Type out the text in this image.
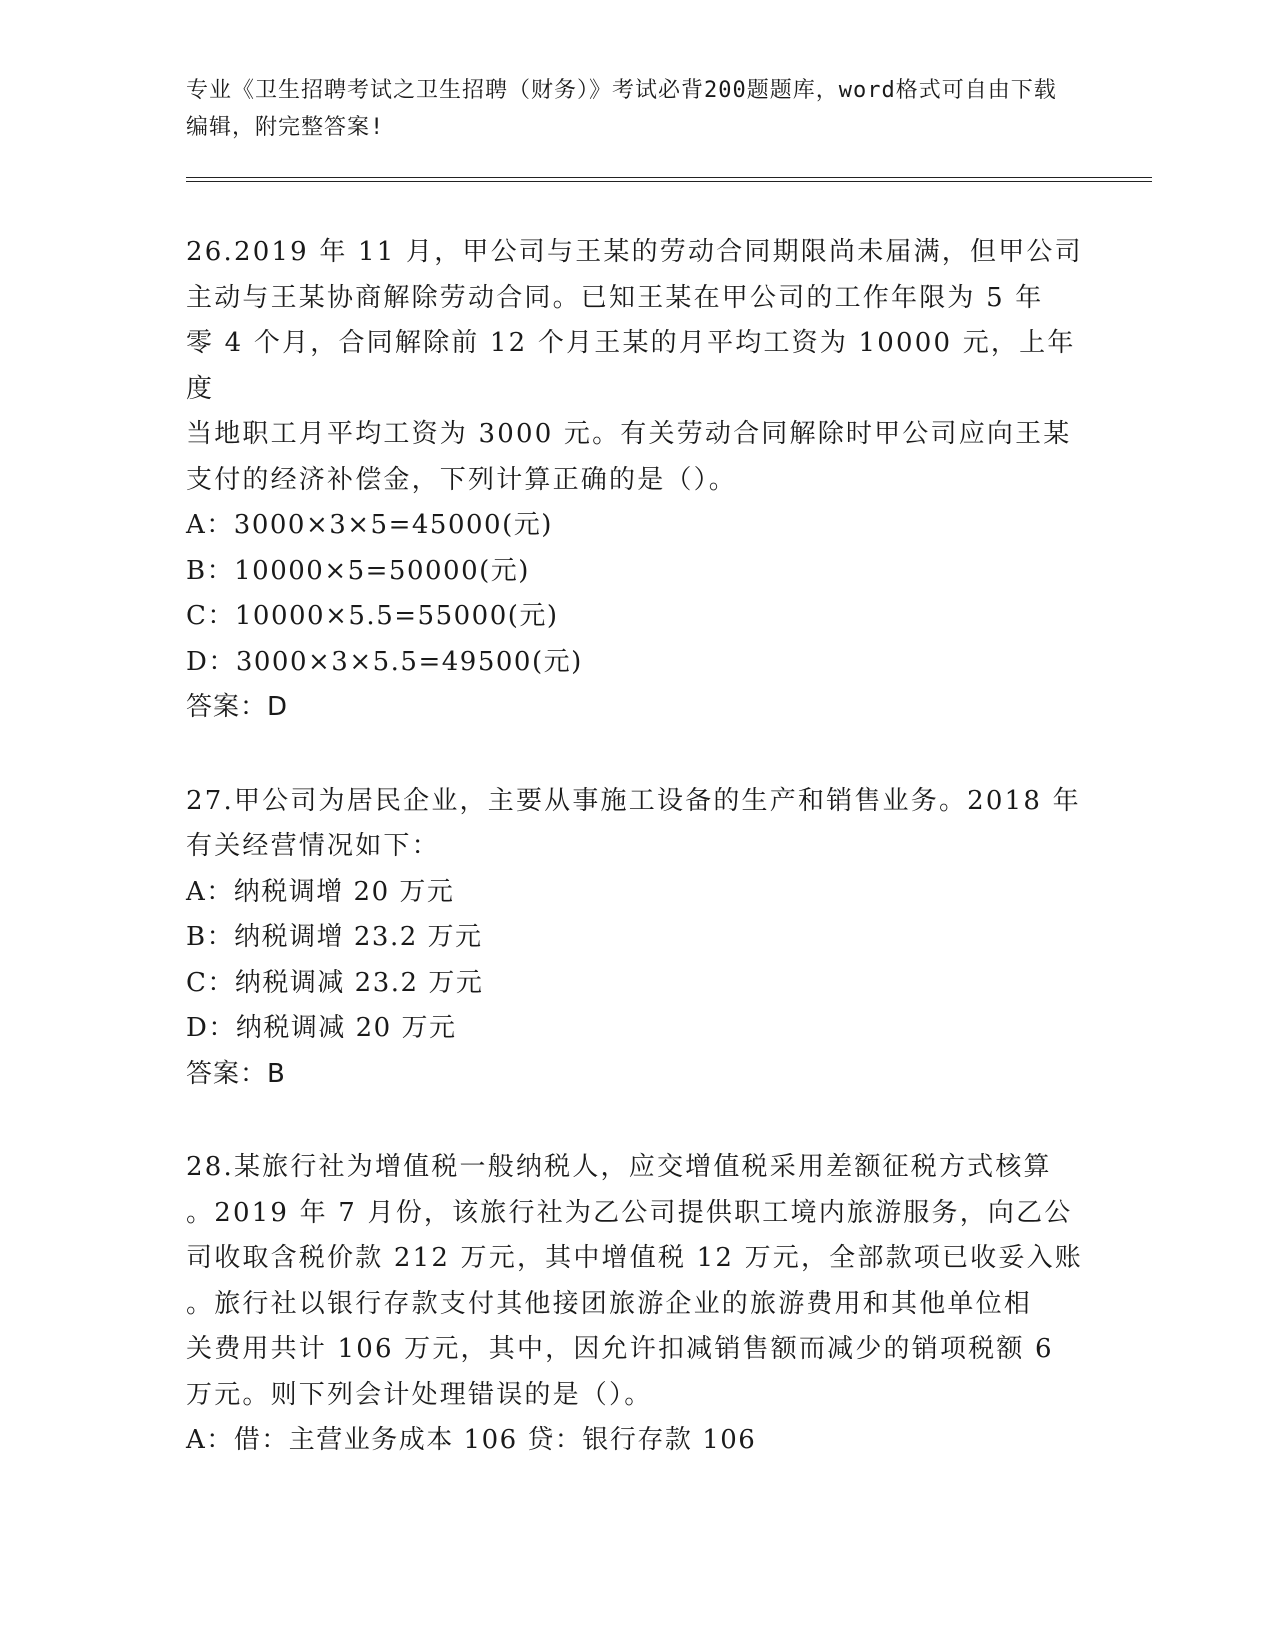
专业《卫生招聘考试之卫生招聘（财务）》考试必背200题题库，word格式可自由下载编辑，附完整答案!
26.2019 年 11 月，甲公司与王某的劳动合同期限尚未届满，但甲公司
主动与王某协商解除劳动合同。已知王某在甲公司的工作年限为 5 年
零 4 个月，合同解除前 12 个月王某的月平均工资为 10000 元，上年度
当地职工月平均工资为 3000 元。有关劳动合同解除时甲公司应向王某
支付的经济补偿金，下列计算正确的是（）。
A：3000×3×5=45000(元)
B：10000×5=50000(元)
C：10000×5.5=55000(元)
D：3000×3×5.5=49500(元)
答案：D
27.甲公司为居民企业，主要从事施工设备的生产和销售业务。2018 年
有关经营情况如下：
A：纳税调增 20 万元
B：纳税调增 23.2 万元
C：纳税调减 23.2 万元
D：纳税调减 20 万元
答案：B
28.某旅行社为增值税一般纳税人，应交增值税采用差额征税方式核算
。2019 年 7 月份，该旅行社为乙公司提供职工境内旅游服务，向乙公
司收取含税价款 212 万元，其中增值税 12 万元，全部款项已收妥入账
。旅行社以银行存款支付其他接团旅游企业的旅游费用和其他单位相
关费用共计 106 万元，其中，因允许扣减销售额而减少的销项税额 6
万元。则下列会计处理错误的是（）。
A：借：主营业务成本 106 贷：银行存款 106
